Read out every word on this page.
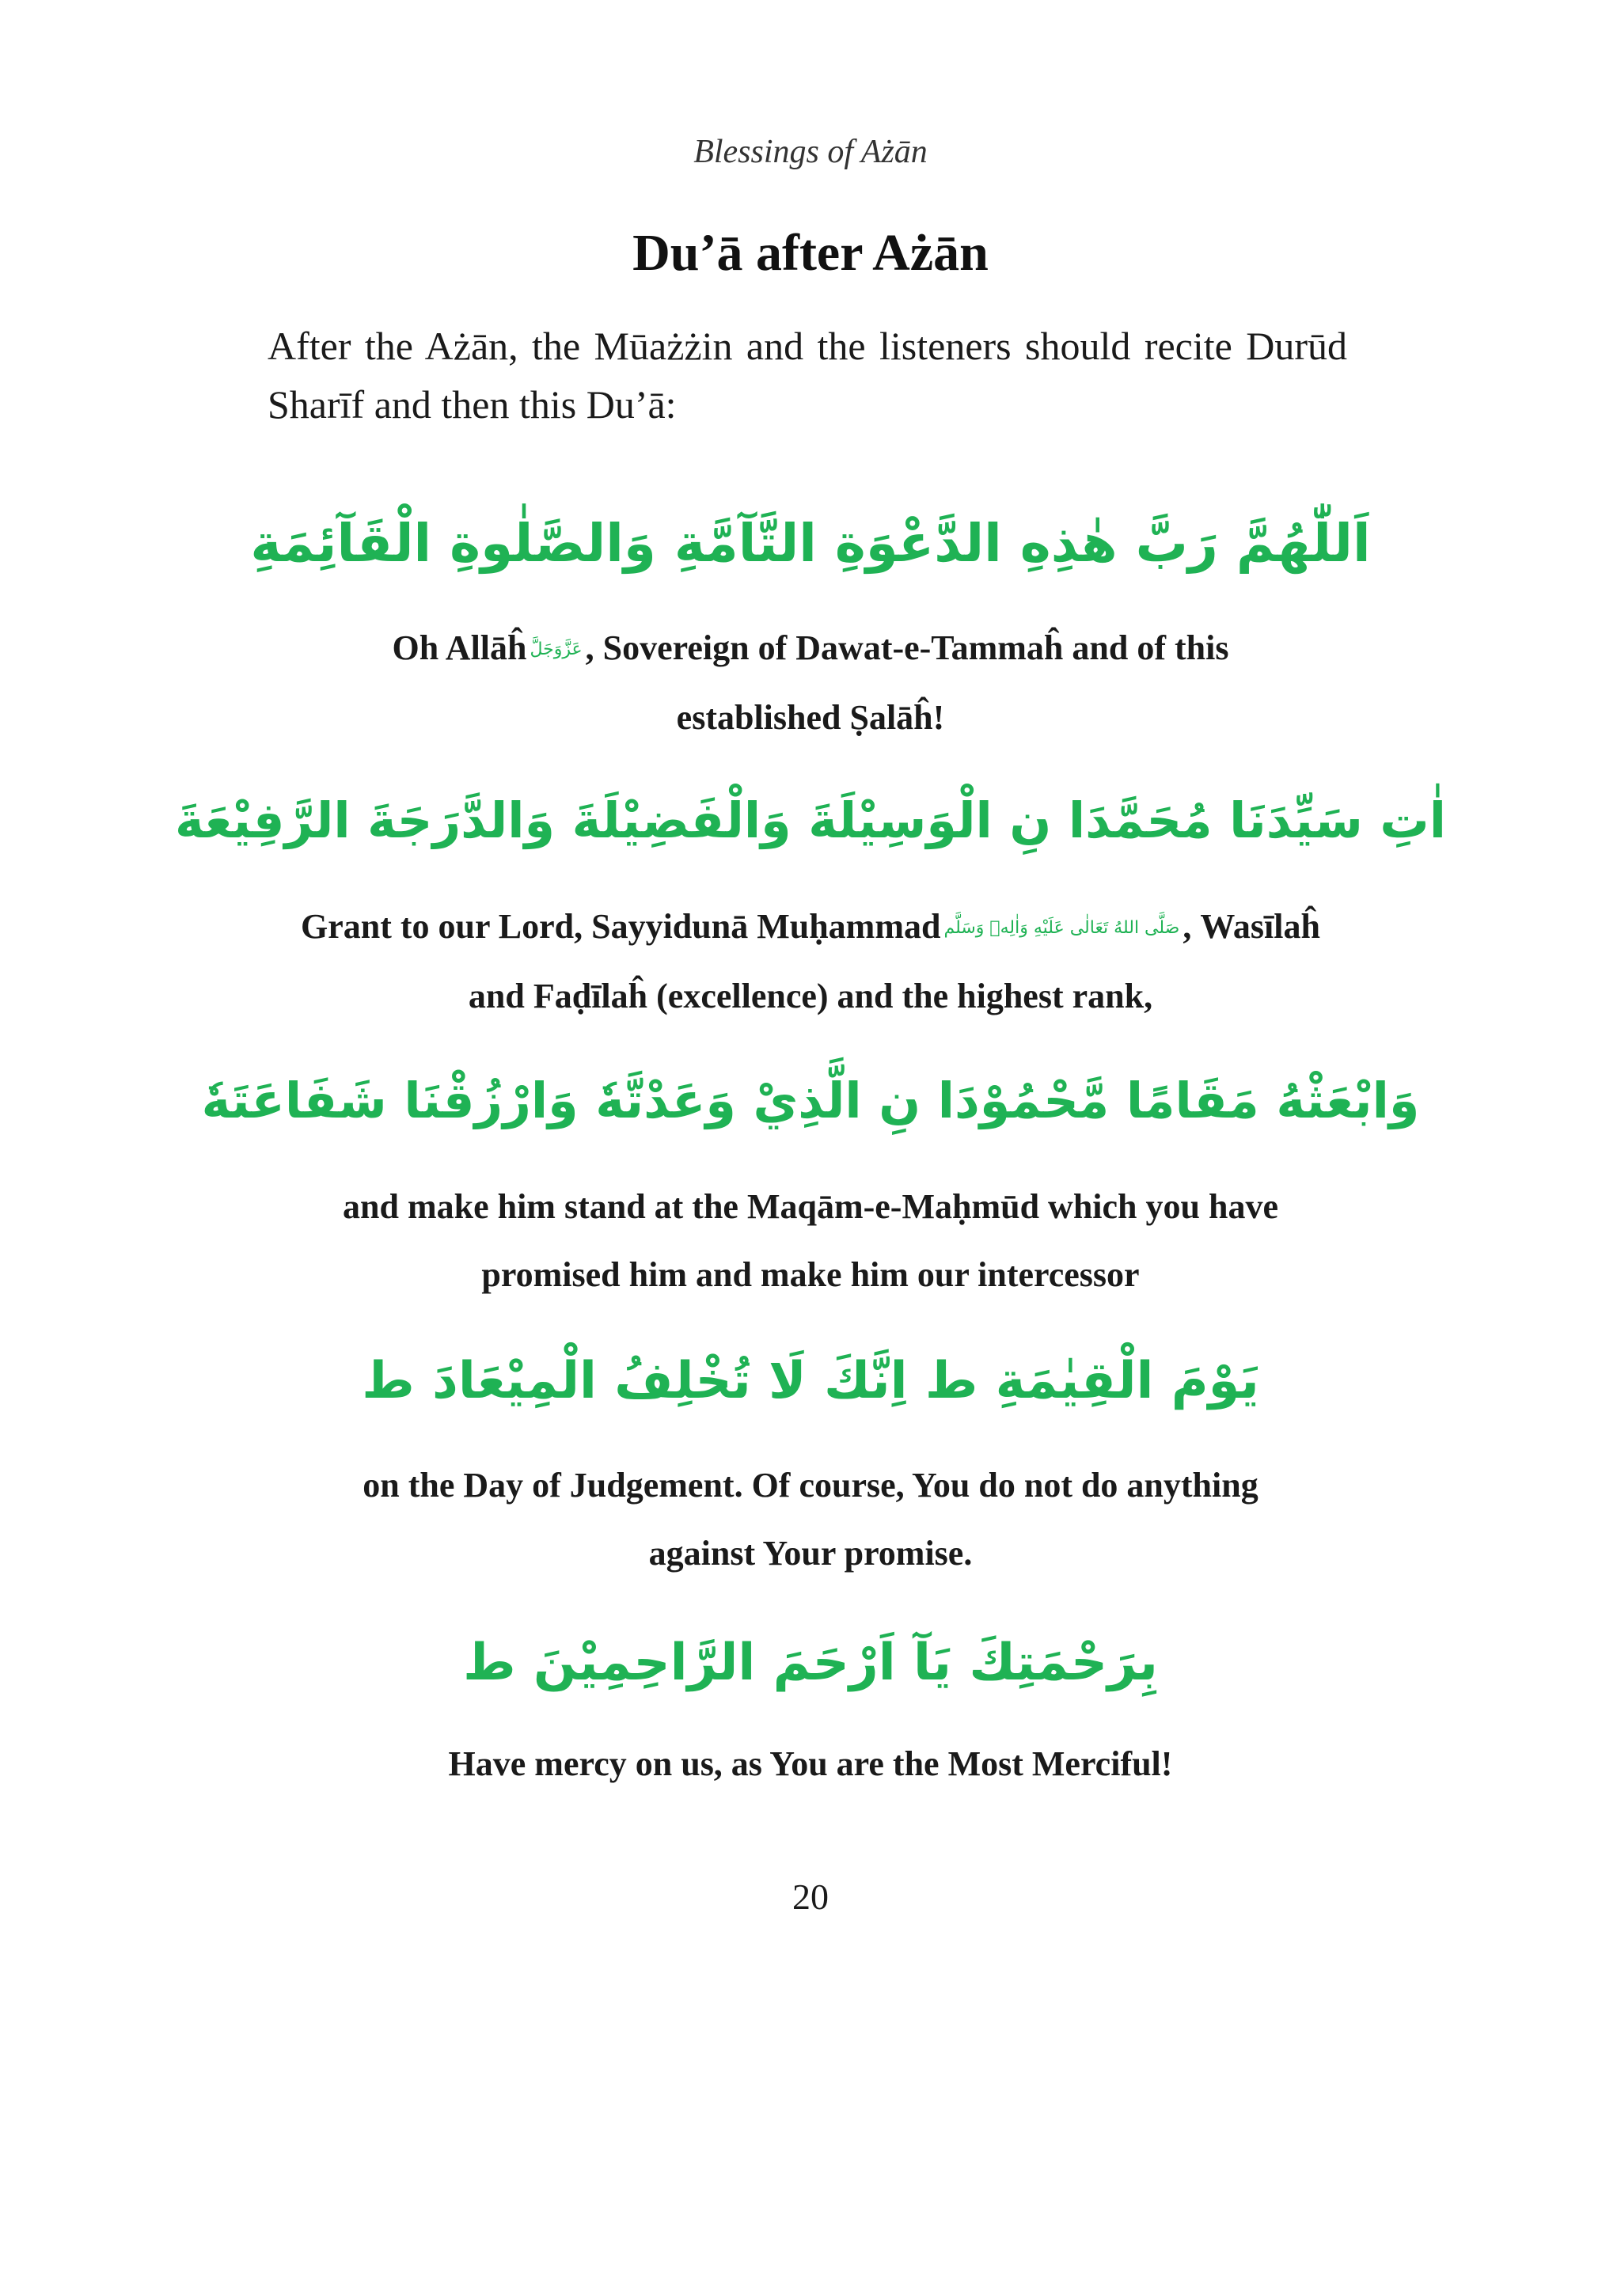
Blessings of Ażān
Du’ā after Ażān
After the Ażān, the Mūażżin and the listeners should recite Durūd Sharīf and then this Du’ā:
اَللّٰهُمَّ رَبَّ هٰذِهِ الدَّعْوَةِ التَّآمَّةِ وَالصَّلٰوةِ الْقَآئِمَةِ
Oh Allāĥ عَزَّوَجَلَّ, Sovereign of Dawat-e-Tammaĥ and of this
established Ṣalāĥ!
اٰتِ سَيِّدَنَا مُحَمَّدَا نِ الْوَسِيْلَةَ وَالْفَضِيْلَةَ وَالدَّرَجَةَ الرَّفِيْعَةَ
Grant to our Lord, Sayyidunā Muḥammad صَلَّى اللهُ تَعَالٰى عَلَيْهِ وَاٰلِهٖ وَسَلَّم, Wasīlaĥ
and Faḍīlaĥ (excellence) and the highest rank,
وَابْعَثْهُ مَقَامًا مَّحْمُوْدَا نِ الَّذِيْ وَعَدْتَّهٗ وَارْزُقْنَا شَفَاعَتَهٗ
and make him stand at the Maqām-e-Maḥmūd which you have
promised him and make him our intercessor
يَوْمَ الْقِيٰمَةِ ط اِنَّكَ لَا تُخْلِفُ الْمِيْعَادَ ط
on the Day of Judgement. Of course, You do not do anything
against Your promise.
بِرَحْمَتِكَ يَآ اَرْحَمَ الرَّاحِمِيْنَ ط
Have mercy on us, as You are the Most Merciful!
20
